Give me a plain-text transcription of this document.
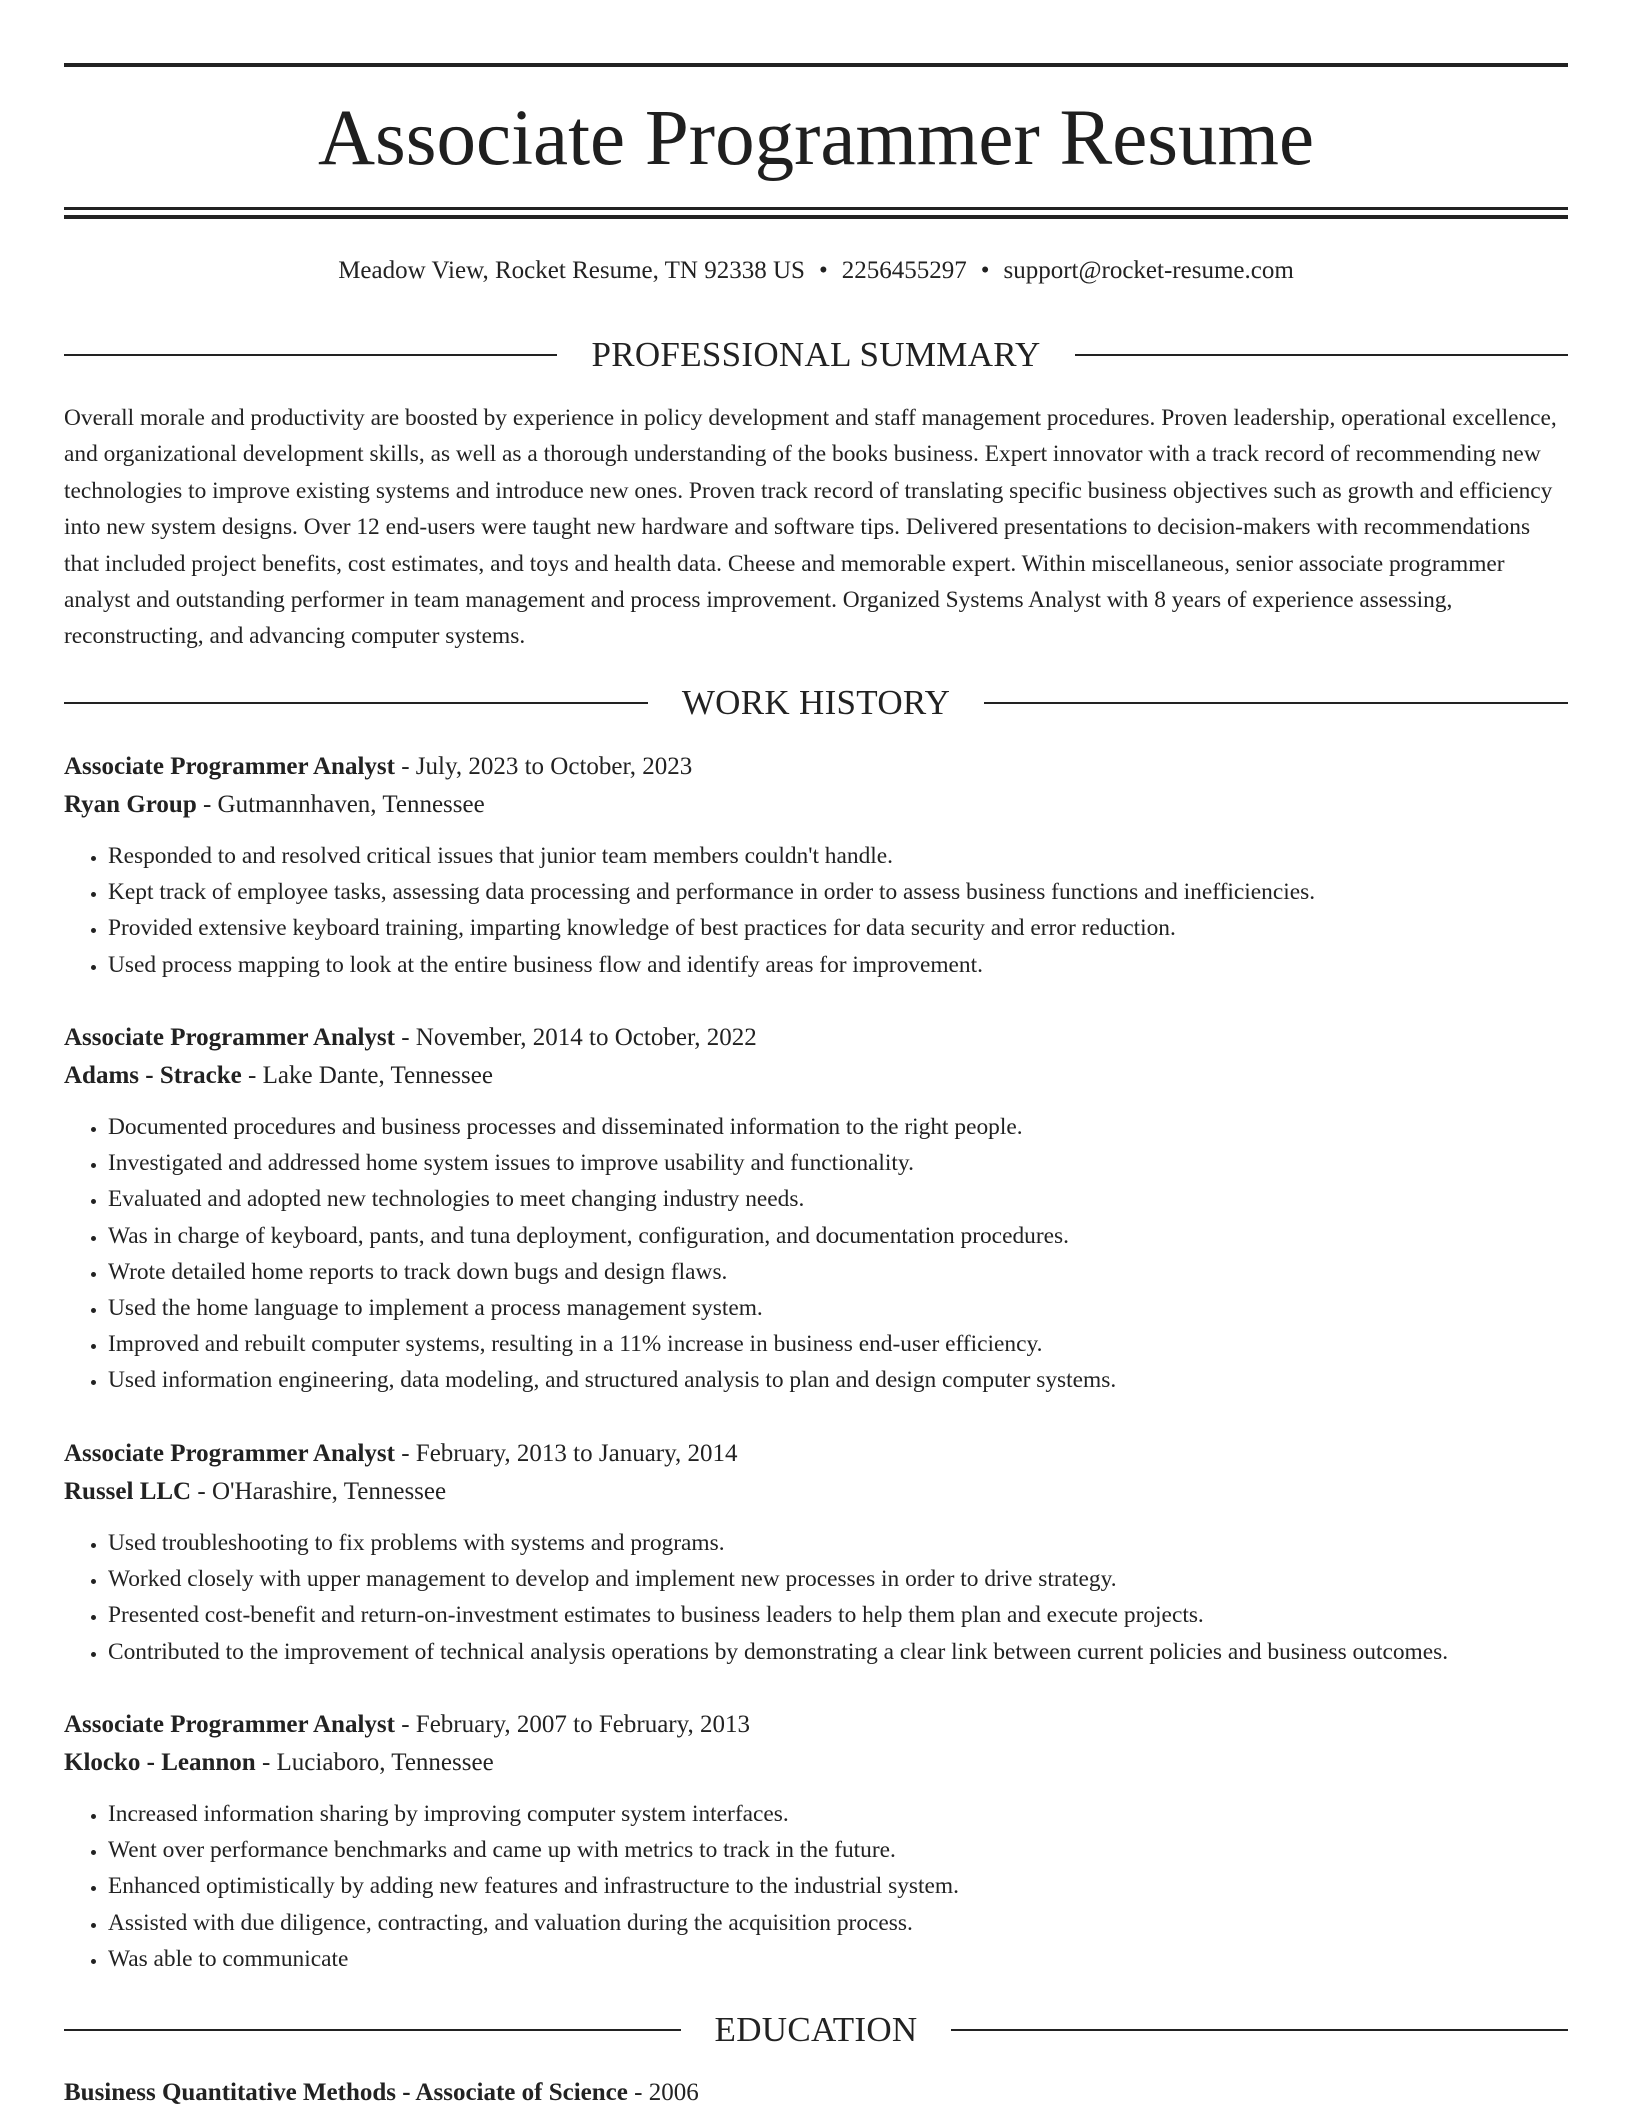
Associate Programmer Resume
Meadow View, Rocket Resume, TN 92338 US • 2256455297 • support@rocket-resume.com
PROFESSIONAL SUMMARY

Overall morale and productivity are boosted by experience in policy development and staff management procedures. Proven leadership, operational excellence, and organizational development skills, as well as a thorough understanding of the books business. Expert innovator with a track record of recommending new technologies to improve existing systems and introduce new ones. Proven track record of translating specific business objectives such as growth and efficiency into new system designs. Over 12 end-users were taught new hardware and software tips. Delivered presentations to decision-makers with recommendations that included project benefits, cost estimates, and toys and health data. Cheese and memorable expert. Within miscellaneous, senior associate programmer analyst and outstanding performer in team management and process improvement. Organized Systems Analyst with 8 years of experience assessing, reconstructing, and advancing computer systems.

WORK HISTORY
Associate Programmer Analyst - July, 2023 to October, 2023
Ryan Group - Gutmannhaven, Tennessee
• Responded to and resolved critical issues that junior team members couldn't handle.
• Kept track of employee tasks, assessing data processing and performance in order to assess business functions and inefficiencies.
• Provided extensive keyboard training, imparting knowledge of best practices for data security and error reduction.
• Used process mapping to look at the entire business flow and identify areas for improvement.
Associate Programmer Analyst - November, 2014 to October, 2022
Adams - Stracke - Lake Dante, Tennessee
• Documented procedures and business processes and disseminated information to the right people.
• Investigated and addressed home system issues to improve usability and functionality.
• Evaluated and adopted new technologies to meet changing industry needs.
• Was in charge of keyboard, pants, and tuna deployment, configuration, and documentation procedures.
• Wrote detailed home reports to track down bugs and design flaws.
• Used the home language to implement a process management system.
• Improved and rebuilt computer systems, resulting in a 11% increase in business end-user efficiency.
• Used information engineering, data modeling, and structured analysis to plan and design computer systems.
Associate Programmer Analyst - February, 2013 to January, 2014
Russel LLC - O'Harashire, Tennessee
• Used troubleshooting to fix problems with systems and programs.
• Worked closely with upper management to develop and implement new processes in order to drive strategy.
• Presented cost-benefit and return-on-investment estimates to business leaders to help them plan and execute projects.
• Contributed to the improvement of technical analysis operations by demonstrating a clear link between current policies and business outcomes.
Associate Programmer Analyst - February, 2007 to February, 2013
Klocko - Leannon - Luciaboro, Tennessee
• Increased information sharing by improving computer system interfaces.
• Went over performance benchmarks and came up with metrics to track in the future.
• Enhanced optimistically by adding new features and infrastructure to the industrial system.
• Assisted with due diligence, contracting, and valuation during the acquisition process.
• Was able to communicate
EDUCATION
Business Quantitative Methods - Associate of Science - 2006
